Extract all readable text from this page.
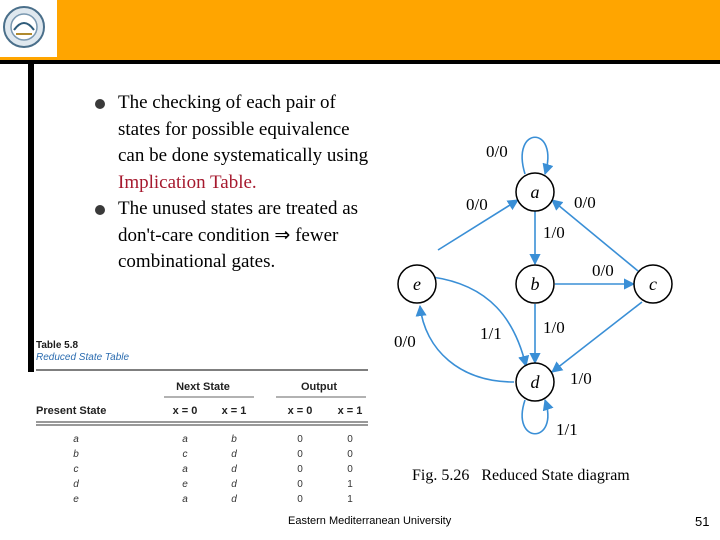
The checking of each pair of states for possible equivalence can be done systematically using
Implication Table.
The unused states are treated as don't-care condition ⇒ fewer combinational gates.
Table 5.8
Reduced State Table
Next State	Output
Present State	x = 0 x = 1	x = 0 x = 1
a	a	b	0	0
b	c	d	0	0
c	a	d	0	0
d	e	d	0	1
e	a	d	0	1
a
b	c
d
e
0/0
0/0	0/0
1/0
0/0
1/1 1/0
0/0
1/0
1/1
Fig. 5.26   Reduced State diagram
Eastern Mediterranean University	51
